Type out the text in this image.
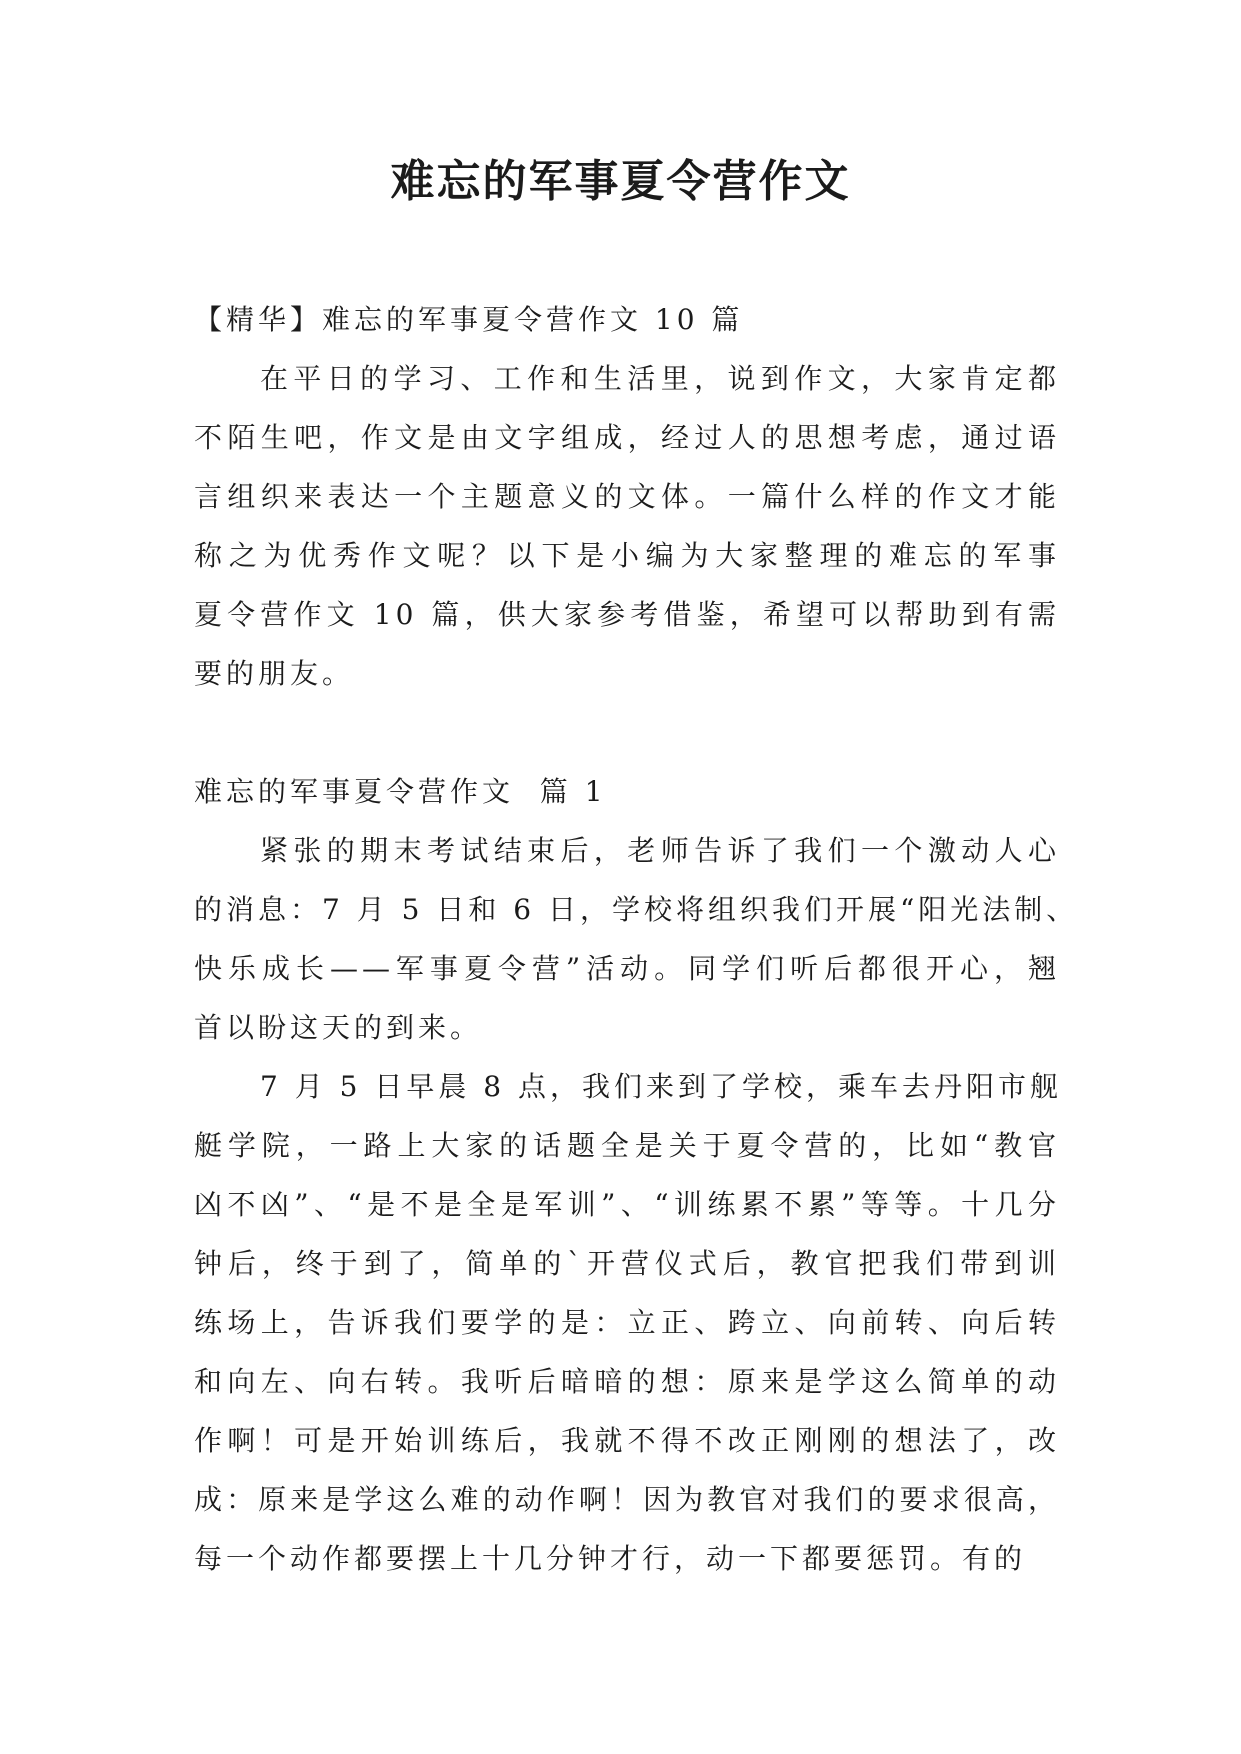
难忘的军事夏令营作文
【精华】难忘的军事夏令营作文 10 篇
在平日的学习、工作和生活里，说到作文，大家肯定都
不陌生吧，作文是由文字组成，经过人的思想考虑，通过语
言组织来表达一个主题意义的文体。一篇什么样的作文才能
称之为优秀作文呢？以下是小编为大家整理的难忘的军事
夏令营作文 10 篇，供大家参考借鉴，希望可以帮助到有需
要的朋友。
难忘的军事夏令营作文  篇 1
紧张的期末考试结束后，老师告诉了我们一个激动人心
的消息：7 月 5 日和 6 日，学校将组织我们开展“阳光法制、
快乐成长——军事夏令营”活动。同学们听后都很开心，翘
首以盼这天的到来。
7 月 5 日早晨 8 点，我们来到了学校，乘车去丹阳市舰
艇学院，一路上大家的话题全是关于夏令营的，比如“教官
凶不凶”、“是不是全是军训”、“训练累不累”等等。十几分
钟后，终于到了，简单的`开营仪式后，教官把我们带到训
练场上，告诉我们要学的是：立正、跨立、向前转、向后转
和向左、向右转。我听后暗暗的想：原来是学这么简单的动
作啊！可是开始训练后，我就不得不改正刚刚的想法了，改
成：原来是学这么难的动作啊！因为教官对我们的要求很高，
每一个动作都要摆上十几分钟才行，动一下都要惩罚。有的
